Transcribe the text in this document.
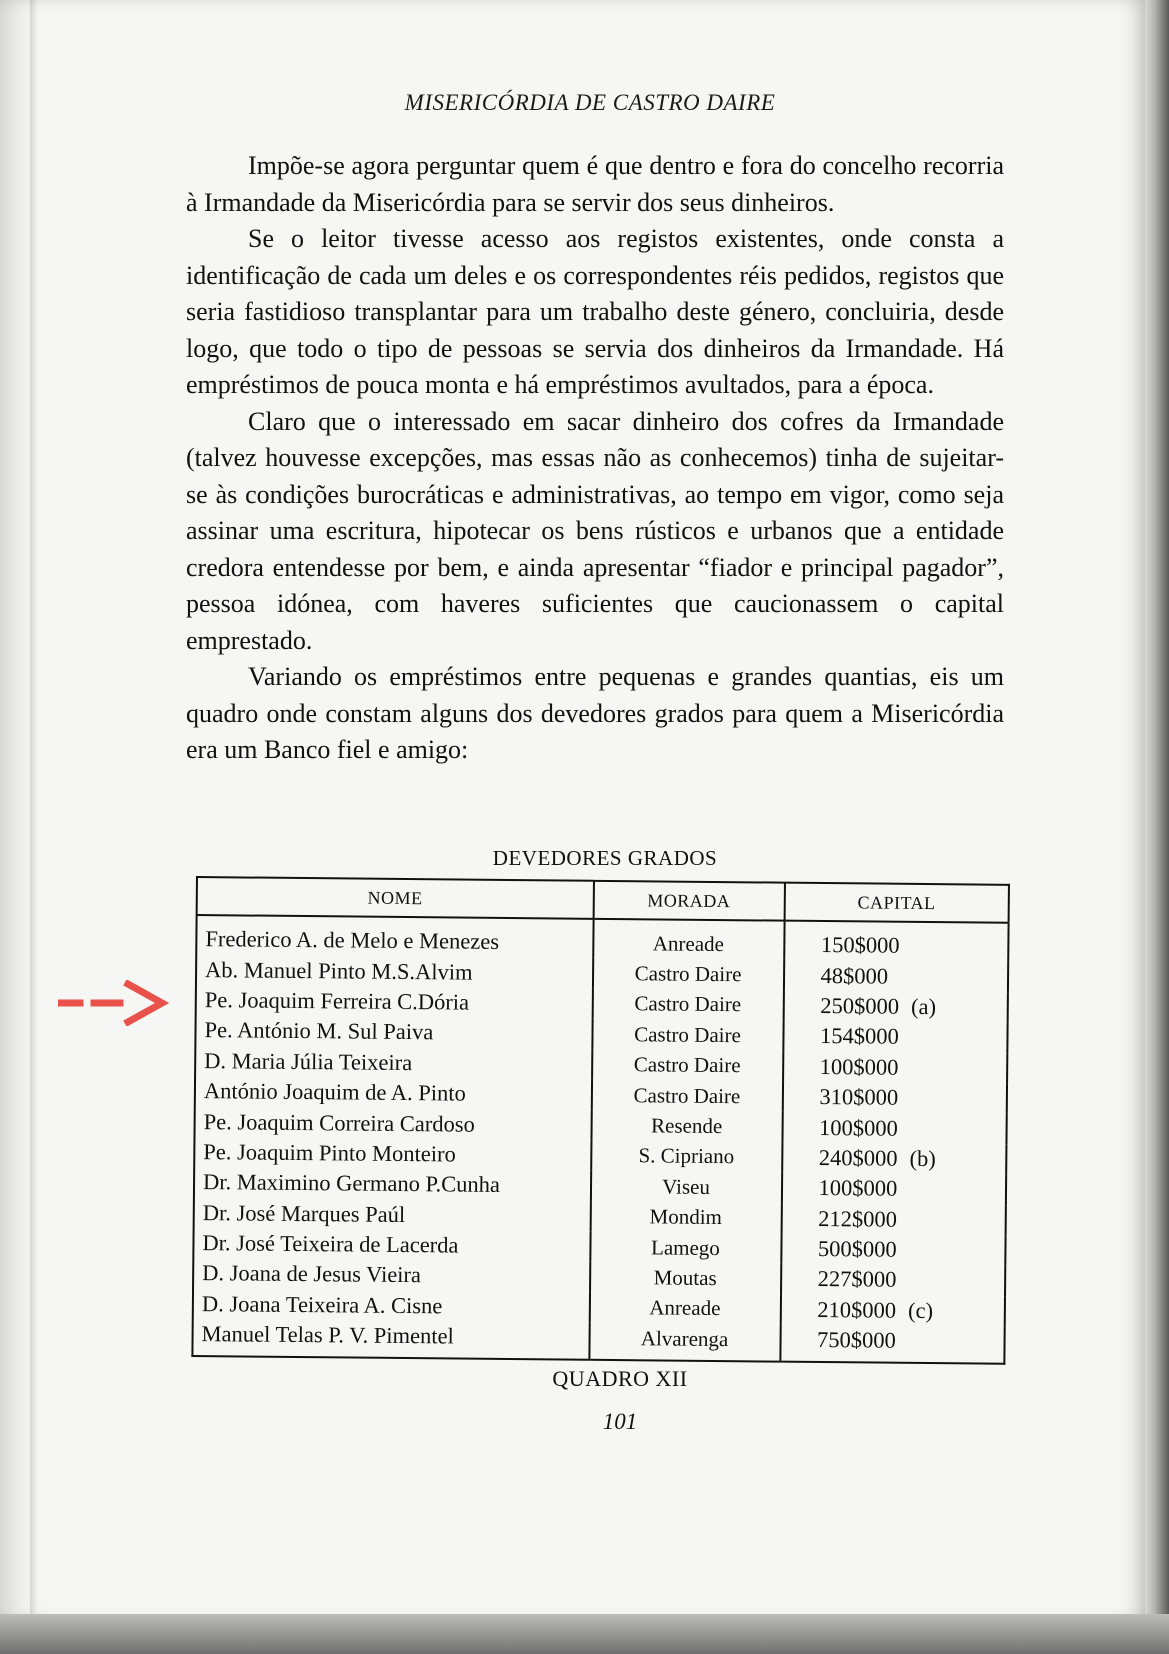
MISERICÓRDIA DE CASTRO DAIRE

Impõe-se agora perguntar quem é que dentro e fora do concelho recorria à Irmandade da Misericórdia para se servir dos seus dinheiros.

Se o leitor tivesse acesso aos registos existentes, onde consta a identificação de cada um deles e os correspondentes réis pedidos, registos que seria fastidioso transplantar para um trabalho deste género, concluiria, desde logo, que todo o tipo de pessoas se servia dos dinheiros da Irmandade. Há empréstimos de pouca monta e há empréstimos avultados, para a época.

Claro que o interessado em sacar dinheiro dos cofres da Irmandade (talvez houvesse excepções, mas essas não as conhecemos) tinha de sujeitar-se às condições burocráticas e administrativas, ao tempo em vigor, como seja assinar uma escritura, hipotecar os bens rústicos e urbanos que a entidade credora entendesse por bem, e ainda apresentar “fiador e principal pagador”, pessoa idónea, com haveres suficientes que caucionassem o capital emprestado.

Variando os empréstimos entre pequenas e grandes quantias, eis um quadro onde constam alguns dos devedores grados para quem a Misericórdia era um Banco fiel e amigo:

DEVEDORES GRADOS
NOME	MORADA	CAPITAL
Frederico A. de Melo e Menezes	Anreade	150$000
Ab. Manuel Pinto M.S.Alvim	Castro Daire	48$000
Pe. Joaquim Ferreira C.Dória	Castro Daire	250$000 (a)
Pe. António M. Sul Paiva	Castro Daire	154$000
D. Maria Júlia Teixeira	Castro Daire	100$000
António Joaquim de A. Pinto	Castro Daire	310$000
Pe. Joaquim Correira Cardoso	Resende	100$000
Pe. Joaquim Pinto Monteiro	S. Cipriano	240$000 (b)
Dr. Maximino Germano P.Cunha	Viseu	100$000
Dr. José Marques Paúl	Mondim	212$000
Dr. José Teixeira de Lacerda	Lamego	500$000
D. Joana de Jesus Vieira	Moutas	227$000
D. Joana Teixeira A. Cisne	Anreade	210$000 (c)
Manuel Telas P. V. Pimentel	Alvarenga	750$000
QUADRO XII
101
